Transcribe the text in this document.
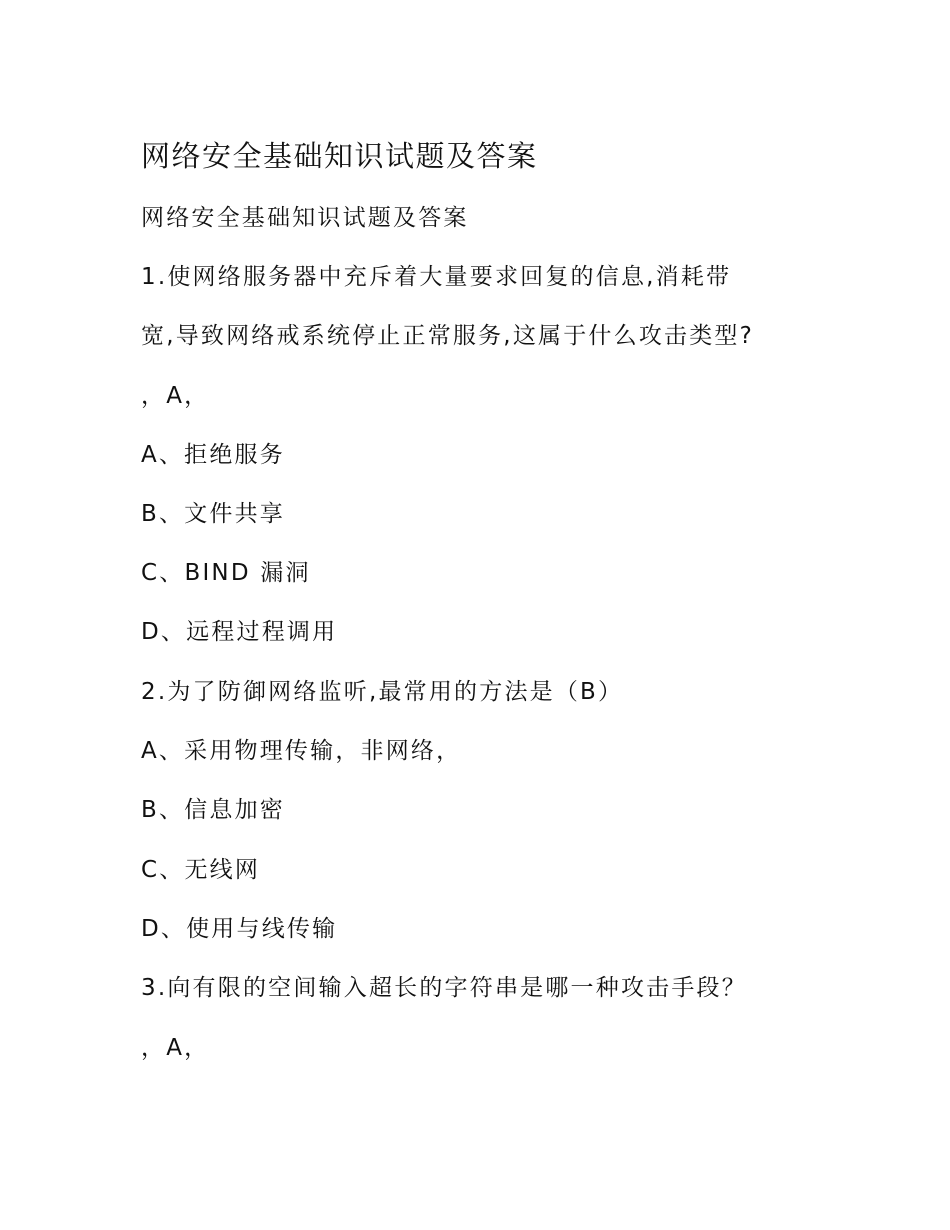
网络安全基础知识试题及答案
网络安全基础知识试题及答案
1.使网络服务器中充斥着大量要求回复的信息,消耗带
宽,导致网络戒系统停止正常服务,这属于什么攻击类型?
，A，
A、拒绝服务
B、文件共享
C、BIND 漏洞
D、远程过程调用
2.为了防御网络监听,最常用的方法是（B）
A、采用物理传输，非网络，
B、信息加密
C、无线网
D、使用与线传输
3.向有限的空间输入超长的字符串是哪一种攻击手段？
，A，
